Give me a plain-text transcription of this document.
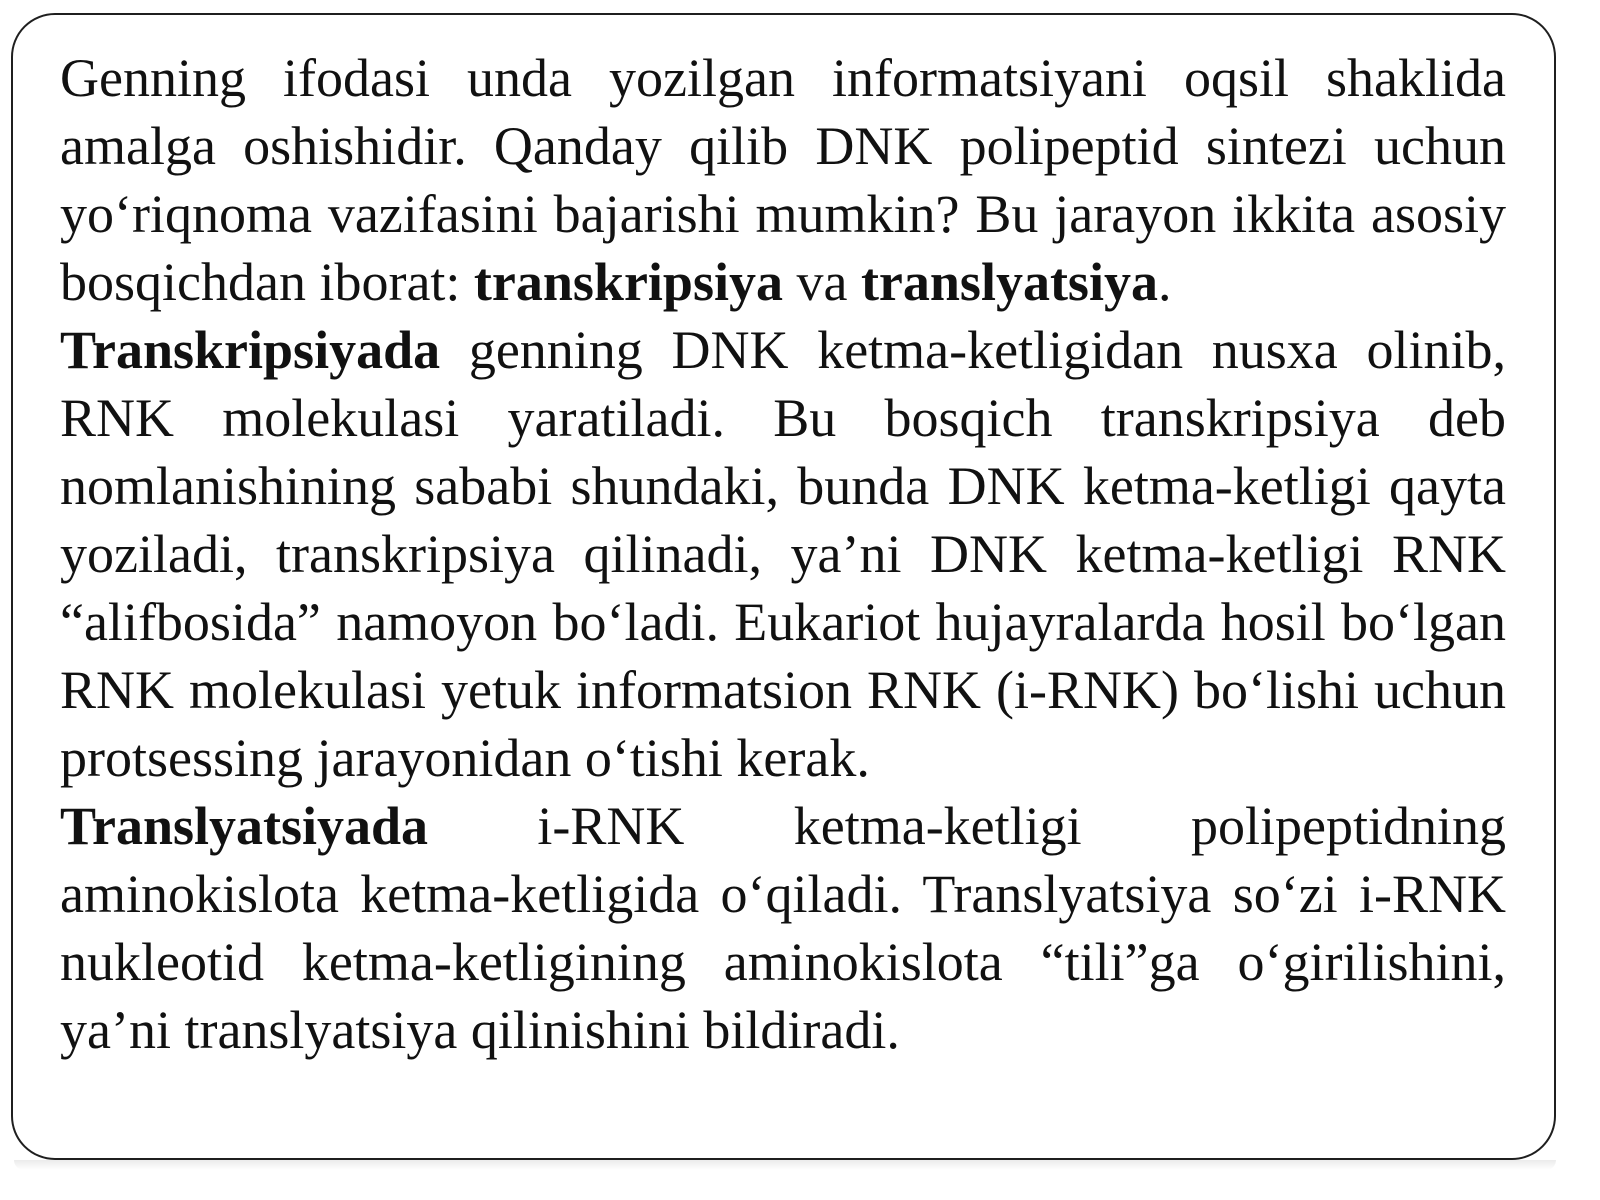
Genning ifodasi unda yozilgan informatsiyani oqsil shaklida amalga oshishidir. Qanday qilib DNK polipeptid sintezi uchun yo‘riqnoma vazifasini bajarishi mumkin? Bu jarayon ikkita asosiy bosqichdan iborat: transkripsiya va translyatsiya.

Transkripsiyada genning DNK ketma-ketligidan nusxa olinib, RNK molekulasi yaratiladi. Bu bosqich transkripsiya deb nomlanishining sababi shundaki, bunda DNK ketma-ketligi qayta yoziladi, transkripsiya qilinadi, ya’ni DNK ketma-ketligi RNK “alifbosida” namoyon bo‘ladi. Eukariot hujayralarda hosil bo‘lgan RNK molekulasi yetuk informatsion RNK (i-RNK) bo‘lishi uchun protsessing jarayonidan o‘tishi kerak.

Translyatsiyada i-RNK ketma-ketligi polipeptidning aminokislota ketma-ketligida o‘qiladi. Translyatsiya so‘zi i-RNK nukleotid ketma-ketligining aminokislota “tili”ga o‘girilishini, ya’ni translyatsiya qilinishini bildiradi.
